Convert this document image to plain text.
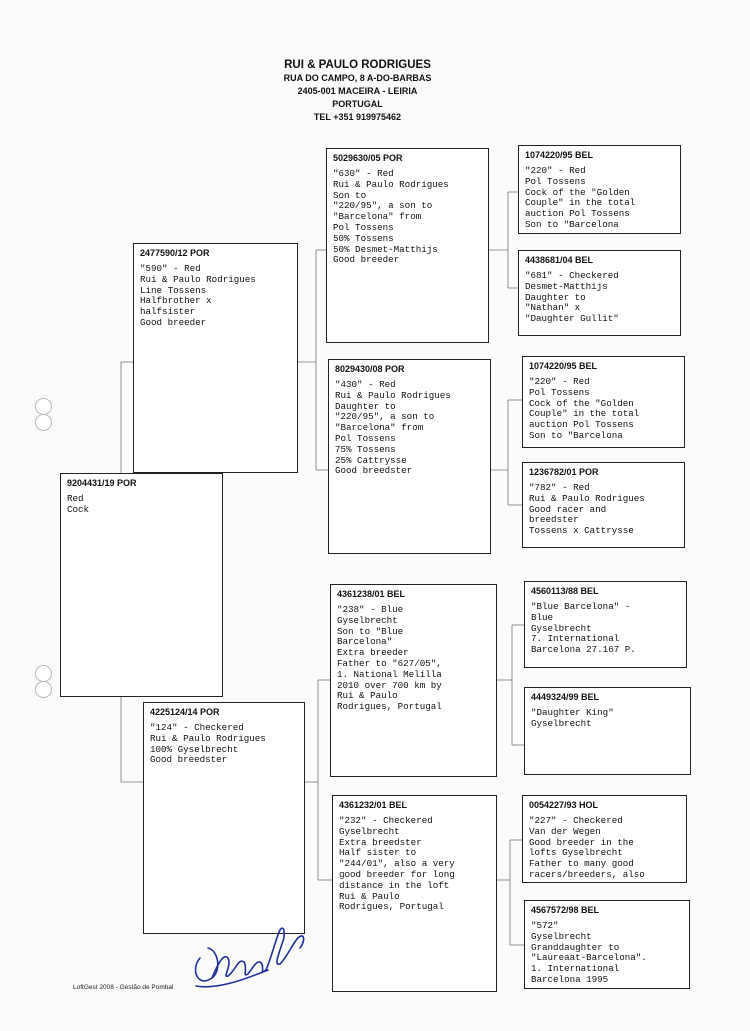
RUI & PAULO RODRIGUES
RUA DO CAMPO, 8 A-DO-BARBAS
2405-001 MACEIRA - LEIRIA
PORTUGAL
TEL +351 919975462
9204431/19 POR
Red
Cock
2477590/12 POR
"590" - Red
Rui & Paulo Rodrigues
Line Tossens
Halfbrother x
halfsister
Good breeder
4225124/14 POR
"124" - Checkered
Rui & Paulo Rodrigues
100% Gyselbrecht
Good breedster
5029630/05 POR
"630" - Red
Rui & Paulo Rodrigues
Son to
"220/95", a son to
"Barcelona" from
Pol Tossens
50% Tossens
50% Desmet-Matthijs
Good breeder
8029430/08 POR
"430" - Red
Rui & Paulo Rodrigues
Daughter to
"220/95", a son to
"Barcelona" from
Pol Tossens
75% Tossens
25% Cattrysse
Good breedster
4361238/01 BEL
"238" - Blue
Gyselbrecht
Son to "Blue
Barcelona"
Extra breeder
Father to "627/05",
1. National Melilla
2010 over 700 km by
Rui & Paulo
Rodrigues, Portugal
4361232/01 BEL
"232" - Checkered
Gyselbrecht
Extra breedster
Half sister to
"244/01", also a very
good breeder for long
distance in the loft
Rui & Paulo
Rodrigues, Portugal
1074220/95 BEL
"220" - Red
Pol Tossens
Cock of the "Golden
Couple" in the total
auction Pol Tossens
Son to "Barcelona
4438681/04 BEL
"681" - Checkered
Desmet-Matthijs
Daughter to
"Nathan" x
"Daughter Gullit"
1074220/95 BEL
"220" - Red
Pol Tossens
Cock of the "Golden
Couple" in the total
auction Pol Tossens
Son to "Barcelona
1236782/01 POR
"782" - Red
Rui & Paulo Rodrigues
Good racer and
breedster
Tossens x Cattrysse
4560113/88 BEL
"Blue Barcelona" -
Blue
Gyselbrecht
7. International
Barcelona 27.167 P.
4449324/99 BEL
"Daughter King"
Gyselbrecht
0054227/93 HOL
"227" - Checkered
Van der Wegen
Good breeder in the
lofts Gyselbrecht
Father to many good
racers/breeders, also
4567572/98 BEL
"572"
Gyselbrecht
Granddaughter to
"Laureaat-Barcelona".
1. International
Barcelona 1995
LoftGest 2008 - Gestão de Pombal
